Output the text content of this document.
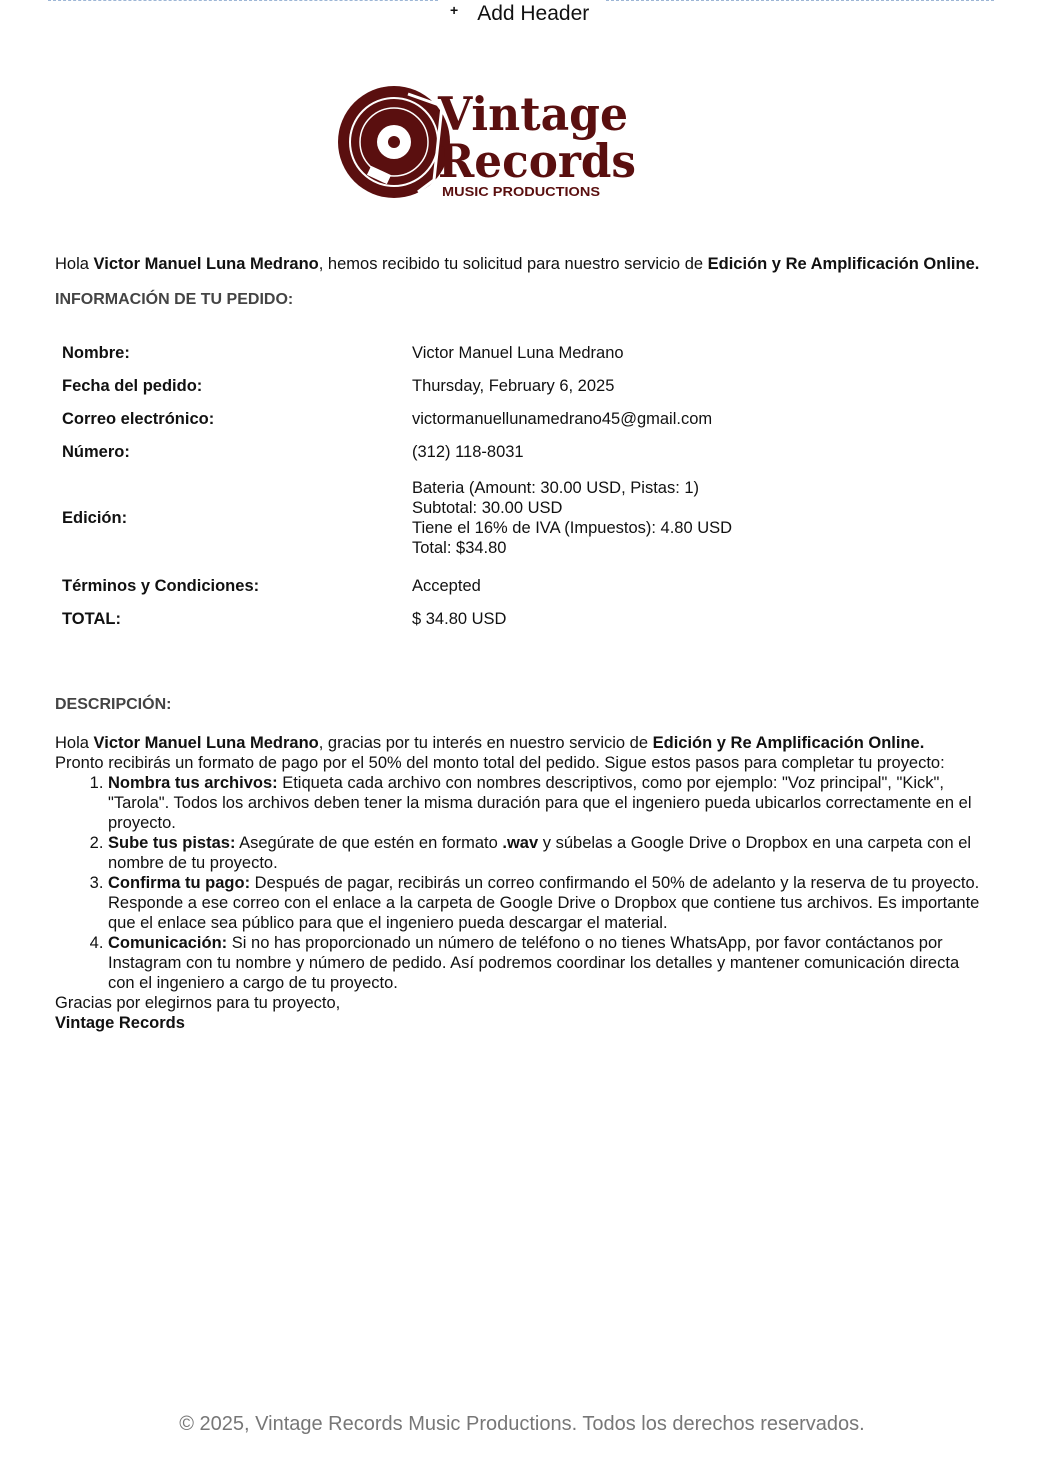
+ Add Header
Vintage
Records
MUSIC PRODUCTIONS

Hola Victor Manuel Luna Medrano, hemos recibido tu solicitud para nuestro servicio de Edición y Re Amplificación Online.

INFORMACIÓN DE TU PEDIDO:

Nombre:	Victor Manuel Luna Medrano
Fecha del pedido:	Thursday, February 6, 2025
Correo electrónico:	victormanuellunamedrano45@gmail.com
Número:	(312) 118-8031
Edición:	Bateria (Amount: 30.00 USD, Pistas: 1)
Subtotal: 30.00 USD
Tiene el 16% de IVA (Impuestos): 4.80 USD
Total: $34.80

Términos y Condiciones:	Accepted
TOTAL:	$ 34.80 USD

DESCRIPCIÓN:

Hola Victor Manuel Luna Medrano, gracias por tu interés en nuestro servicio de Edición y Re Amplificación Online.

Pronto recibirás un formato de pago por el 50% del monto total del pedido. Sigue estos pasos para completar tu proyecto:

1. Nombra tus archivos: Etiqueta cada archivo con nombres descriptivos, como por ejemplo: "Voz principal", "Kick", "Tarola". Todos los archivos deben tener la misma duración para que el ingeniero pueda ubicarlos correctamente en el proyecto.
2. Sube tus pistas: Asegúrate de que estén en formato .wav y súbelas a Google Drive o Dropbox en una carpeta con el nombre de tu proyecto.
3. Confirma tu pago: Después de pagar, recibirás un correo confirmando el 50% de adelanto y la reserva de tu proyecto. Responde a ese correo con el enlace a la carpeta de Google Drive o Dropbox que contiene tus archivos. Es importante que el enlace sea público para que el ingeniero pueda descargar el material.
4. Comunicación: Si no has proporcionado un número de teléfono o no tienes WhatsApp, por favor contáctanos por Instagram con tu nombre y número de pedido. Así podremos coordinar los detalles y mantener comunicación directa con el ingeniero a cargo de tu proyecto.

Gracias por elegirnos para tu proyecto,

Vintage Records

© 2025, Vintage Records Music Productions. Todos los derechos reservados.
